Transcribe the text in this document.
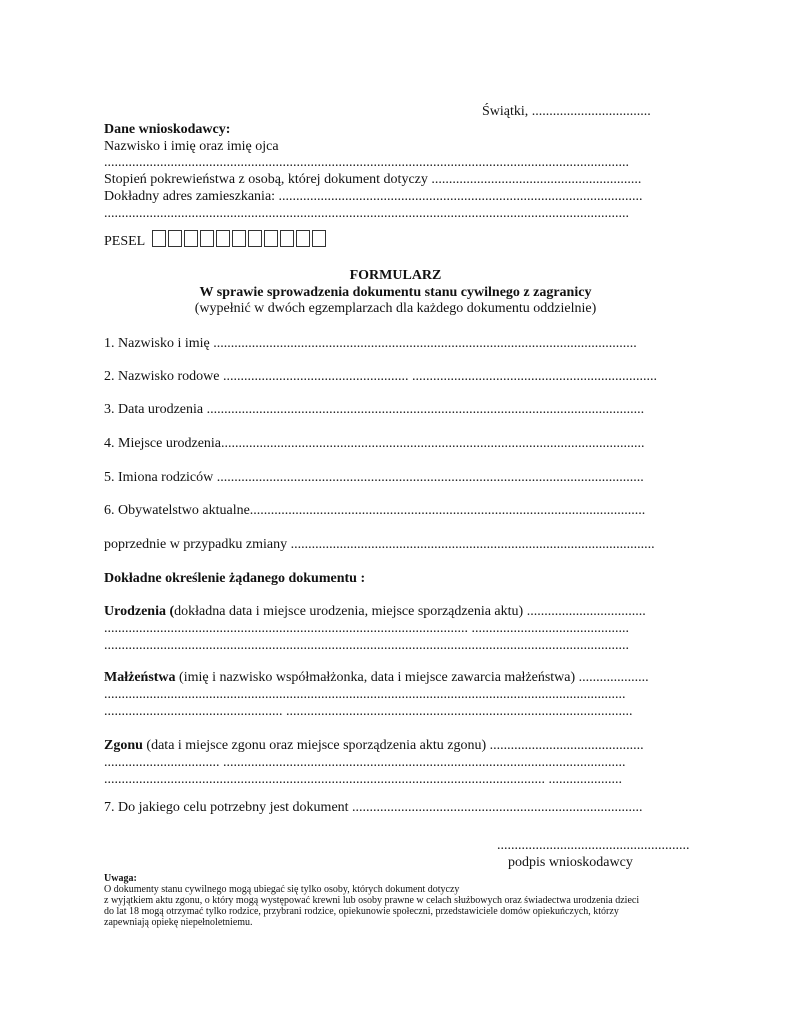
Świątki, ..................................
Dane wnioskodawcy:
Nazwisko i imię oraz imię ojca
......................................................................................................................................................
Stopień pokrewieństwa z osobą, której dokument dotyczy ............................................................
Dokładny adres zamieszkania: ........................................................................................................
......................................................................................................................................................
PESEL
FORMULARZ
W sprawie sprowadzenia dokumentu stanu cywilnego z zagranicy
(wypełnić w dwóch egzemplarzach dla każdego dokumentu oddzielnie)
1. Nazwisko i imię .........................................................................................................................
2. Nazwisko rodowe ..................................................... ......................................................................
3. Data urodzenia .............................................................................................................................
4. Miejsce urodzenia.........................................................................................................................
5. Imiona rodziców ..........................................................................................................................
6. Obywatelstwo aktualne.................................................................................................................
poprzednie w przypadku zmiany ........................................................................................................
Dokładne określenie żądanego dokumentu :
Urodzenia (dokładna data i miejsce urodzenia, miejsce sporządzenia aktu) ..................................
........................................................................................................ .............................................
......................................................................................................................................................
Małżeństwa (imię i nazwisko współmałżonka, data i miejsce zawarcia małżeństwa) ....................
.....................................................................................................................................................
................................................... ...................................................................................................
Zgonu (data i miejsce zgonu oraz miejsce sporządzenia aktu zgonu) ............................................
................................. ...................................................................................................................
.............................................................................................................................. .....................
7. Do jakiego celu potrzebny jest dokument ...................................................................................
.......................................................
podpis wnioskodawcy
Uwaga:
O dokumenty stanu cywilnego mogą ubiegać się tylko osoby, których dokument dotyczy
z wyjątkiem aktu zgonu, o który mogą występować krewni lub osoby prawne w celach służbowych oraz świadectwa urodzenia dzieci
do lat 18 mogą otrzymać tylko rodzice, przybrani rodzice, opiekunowie społeczni, przedstawiciele domów opiekuńczych, którzy
zapewniają opiekę niepełnoletniemu.
